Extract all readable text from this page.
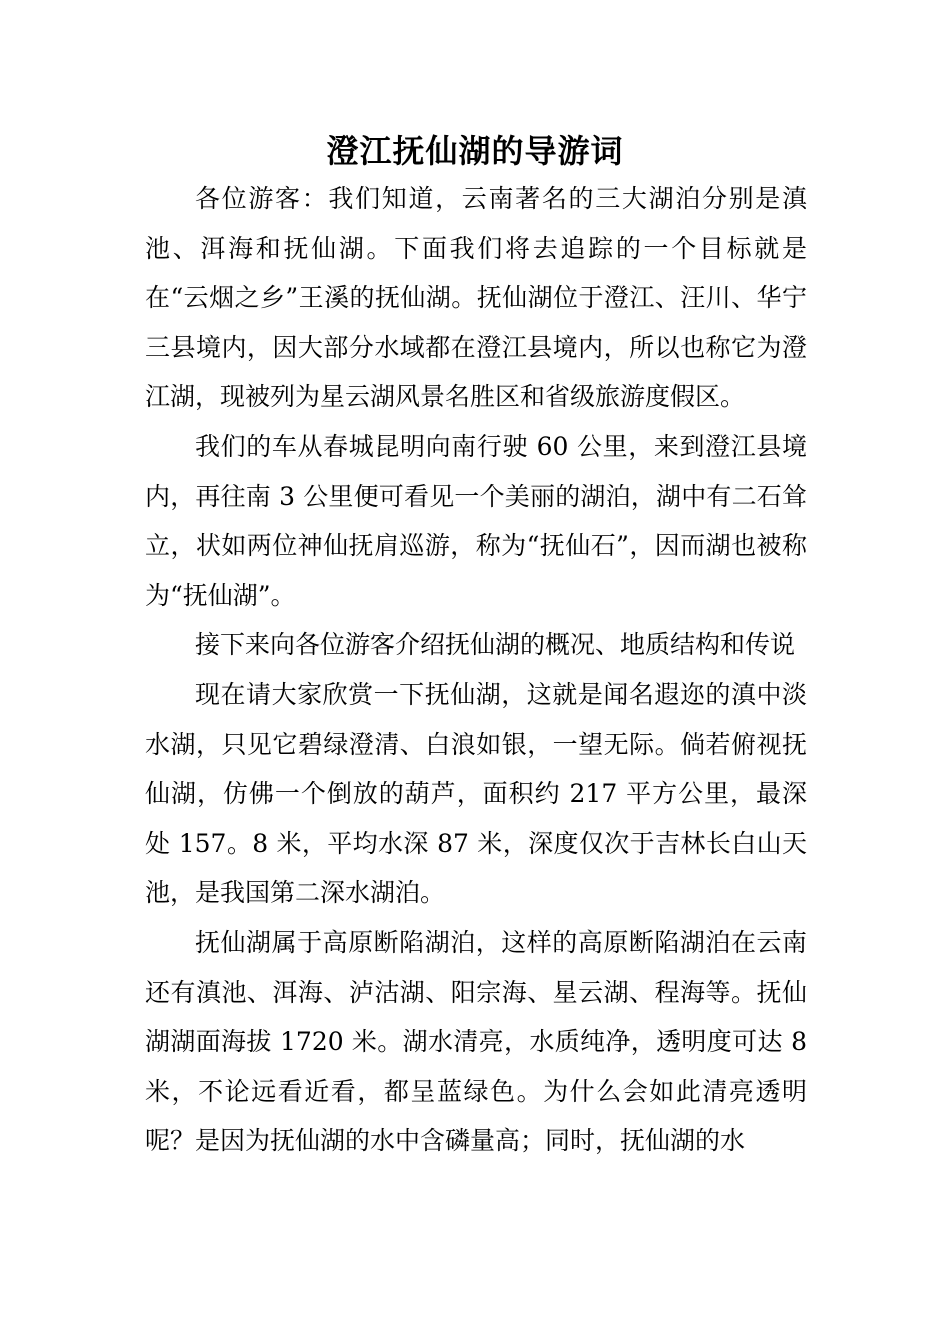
澄江抚仙湖的导游词

各位游客：我们知道，云南著名的三大湖泊分别是滇池、洱海和抚仙湖。下面我们将去追踪的一个目标就是在“云烟之乡”王溪的抚仙湖。抚仙湖位于澄江、汪川、华宁三县境内，因大部分水域都在澄江县境内，所以也称它为澄江湖，现被列为星云湖风景名胜区和省级旅游度假区。

我们的车从春城昆明向南行驶 60 公里，来到澄江县境内，再往南 3 公里便可看见一个美丽的湖泊，湖中有二石耸立，状如两位神仙抚肩巡游，称为“抚仙石”，因而湖也被称为“抚仙湖”。

接下来向各位游客介绍抚仙湖的概况、地质结构和传说

现在请大家欣赏一下抚仙湖，这就是闻名遐迩的滇中淡水湖，只见它碧绿澄清、白浪如银，一望无际。倘若俯视抚仙湖，仿佛一个倒放的葫芦，面积约 217 平方公里，最深处 157。8 米，平均水深 87 米，深度仅次于吉林长白山天池，是我国第二深水湖泊。

抚仙湖属于高原断陷湖泊，这样的高原断陷湖泊在云南还有滇池、洱海、泸沽湖、阳宗海、星云湖、程海等。抚仙湖湖面海拔 1720 米。湖水清亮，水质纯净，透明度可达 8 米，不论远看近看，都呈蓝绿色。为什么会如此清亮透明呢？是因为抚仙湖的水中含磷量高；同时，抚仙湖的水
